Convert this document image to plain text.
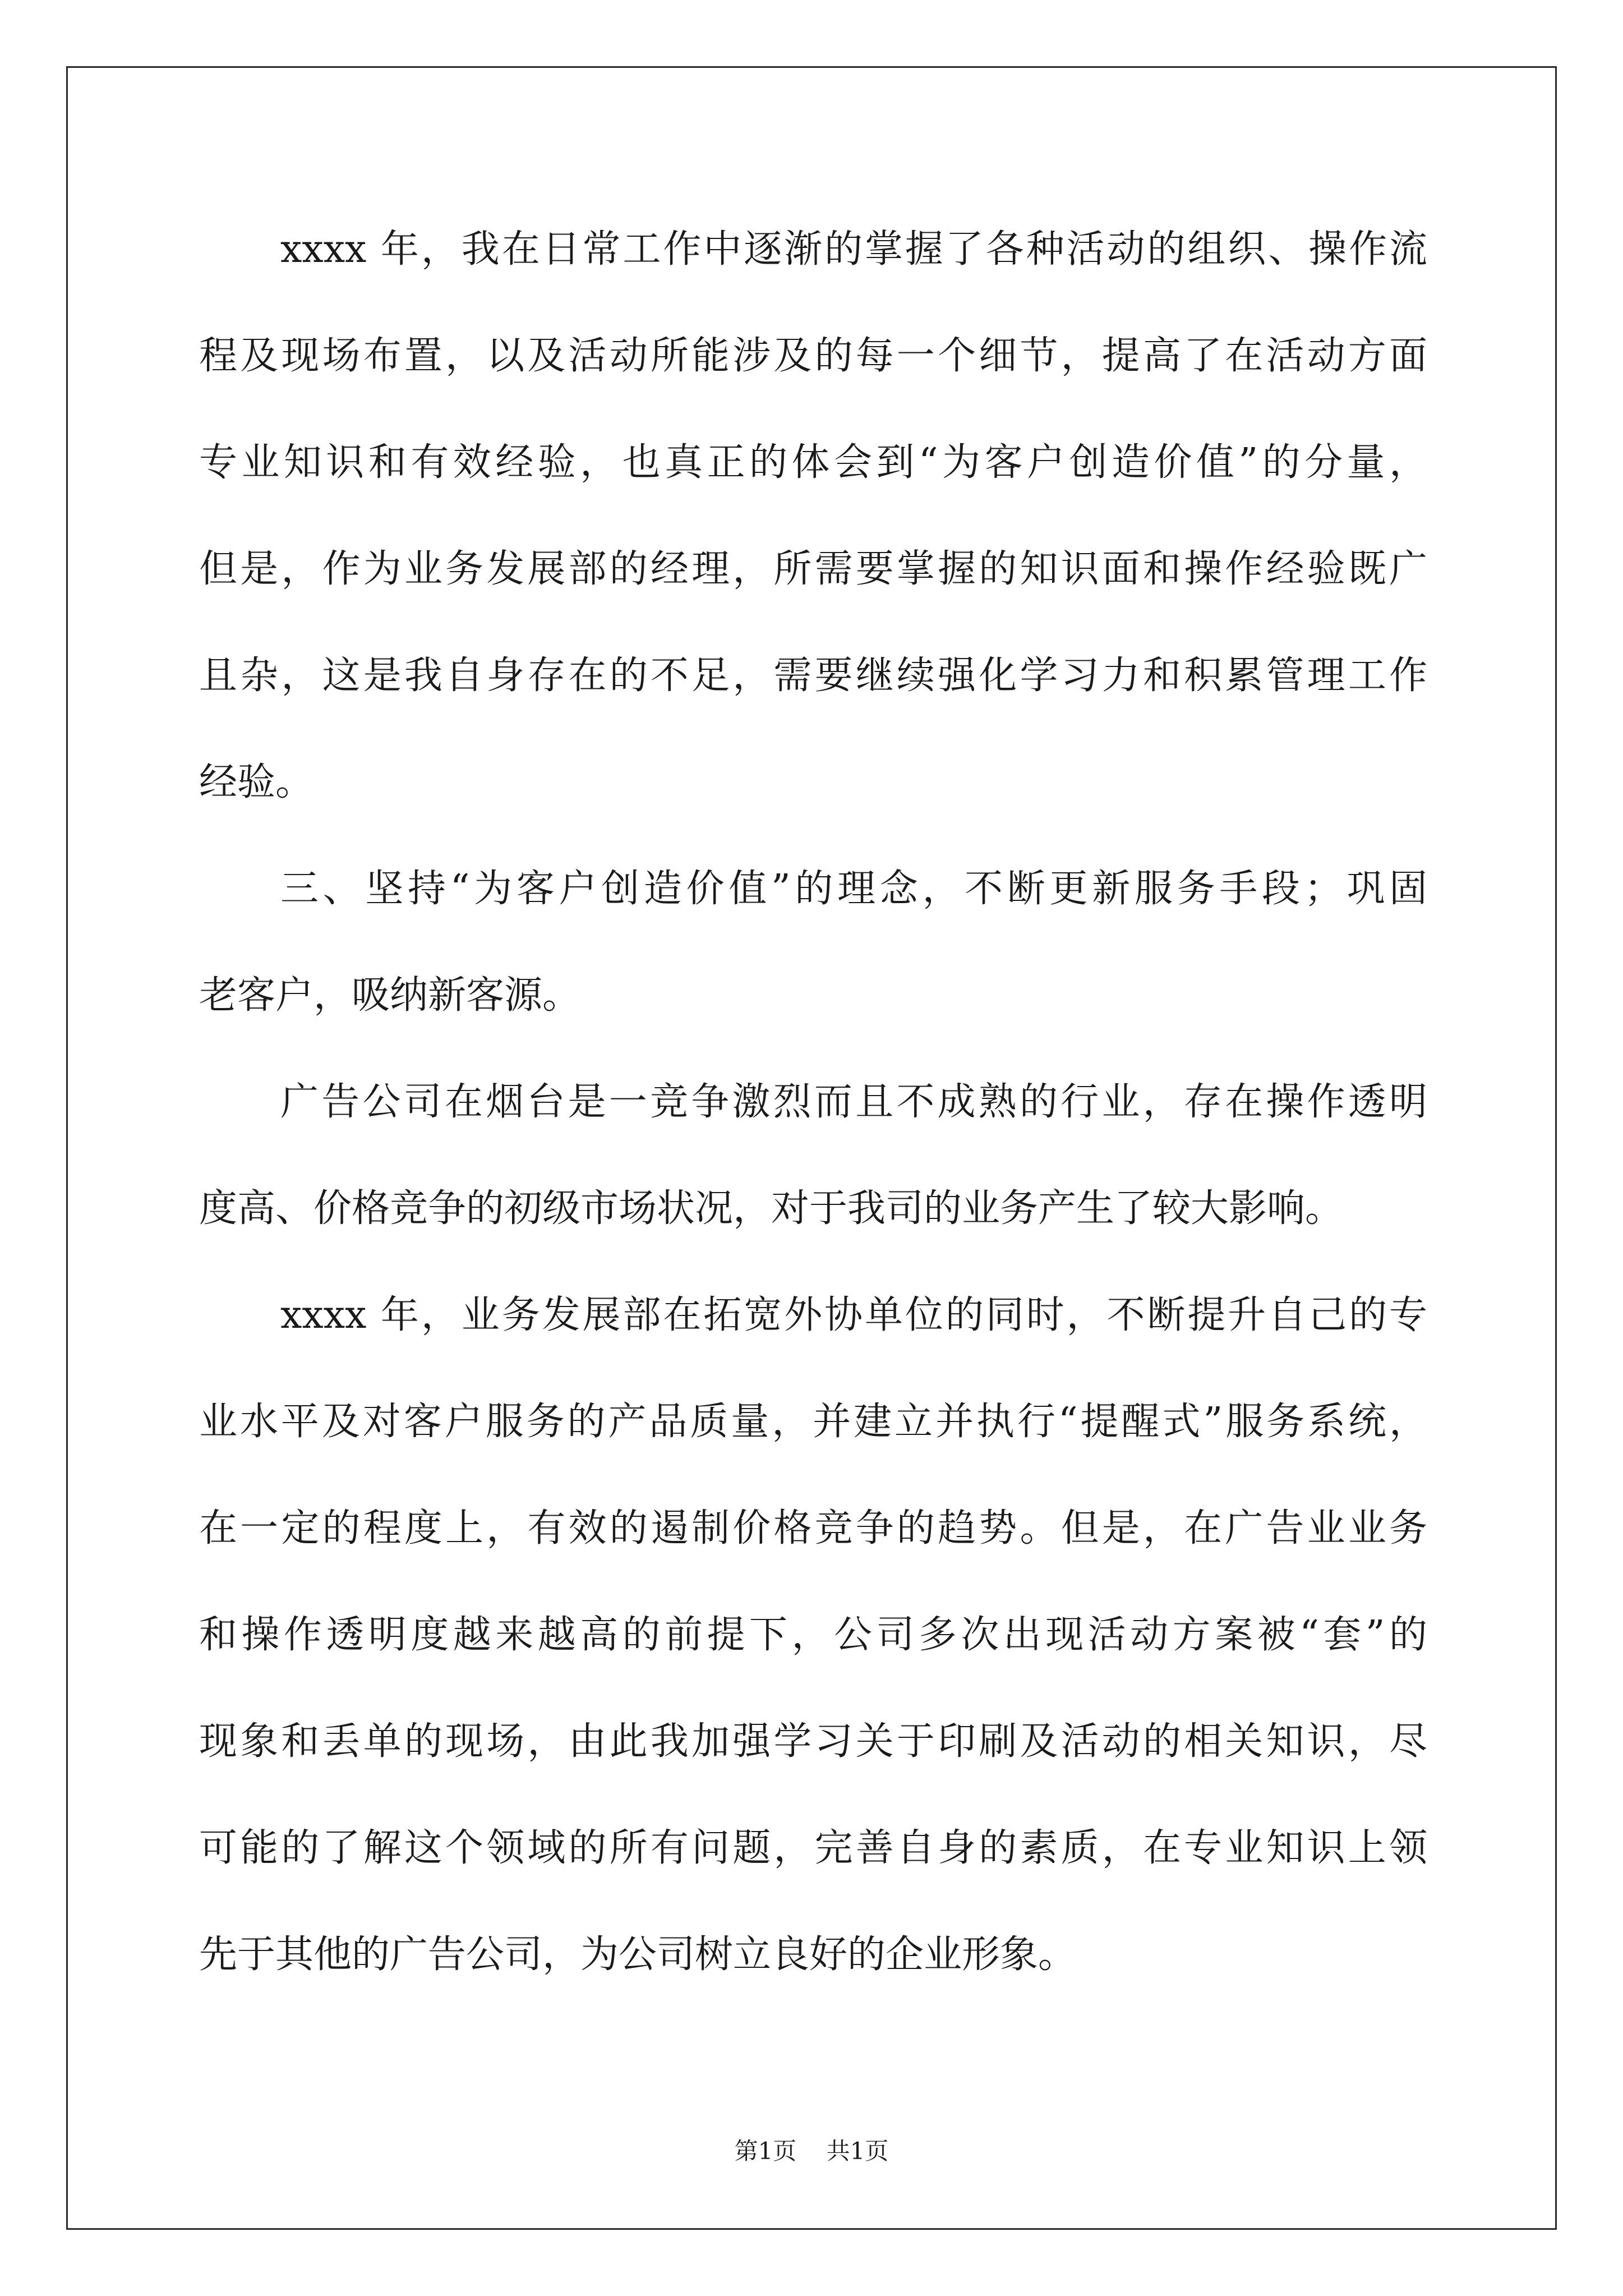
xxxx 年，我在日常工作中逐渐的掌握了各种活动的组织、操作流
程及现场布置，以及活动所能涉及的每一个细节，提高了在活动方面
专业知识和有效经验，也真正的体会到“为客户创造价值”的分量，
但是，作为业务发展部的经理，所需要掌握的知识面和操作经验既广
且杂，这是我自身存在的不足，需要继续强化学习力和积累管理工作
经验。
三、坚持“为客户创造价值”的理念，不断更新服务手段；巩固
老客户，吸纳新客源。
广告公司在烟台是一竞争激烈而且不成熟的行业，存在操作透明
度高、价格竞争的初级市场状况，对于我司的业务产生了较大影响。
xxxx 年，业务发展部在拓宽外协单位的同时，不断提升自己的专
业水平及对客户服务的产品质量，并建立并执行“提醒式”服务系统，
在一定的程度上，有效的遏制价格竞争的趋势。但是，在广告业业务
和操作透明度越来越高的前提下，公司多次出现活动方案被“套”的
现象和丢单的现场，由此我加强学习关于印刷及活动的相关知识，尽
可能的了解这个领域的所有问题，完善自身的素质，在专业知识上领
先于其他的广告公司，为公司树立良好的企业形象。
第1页 共1页
